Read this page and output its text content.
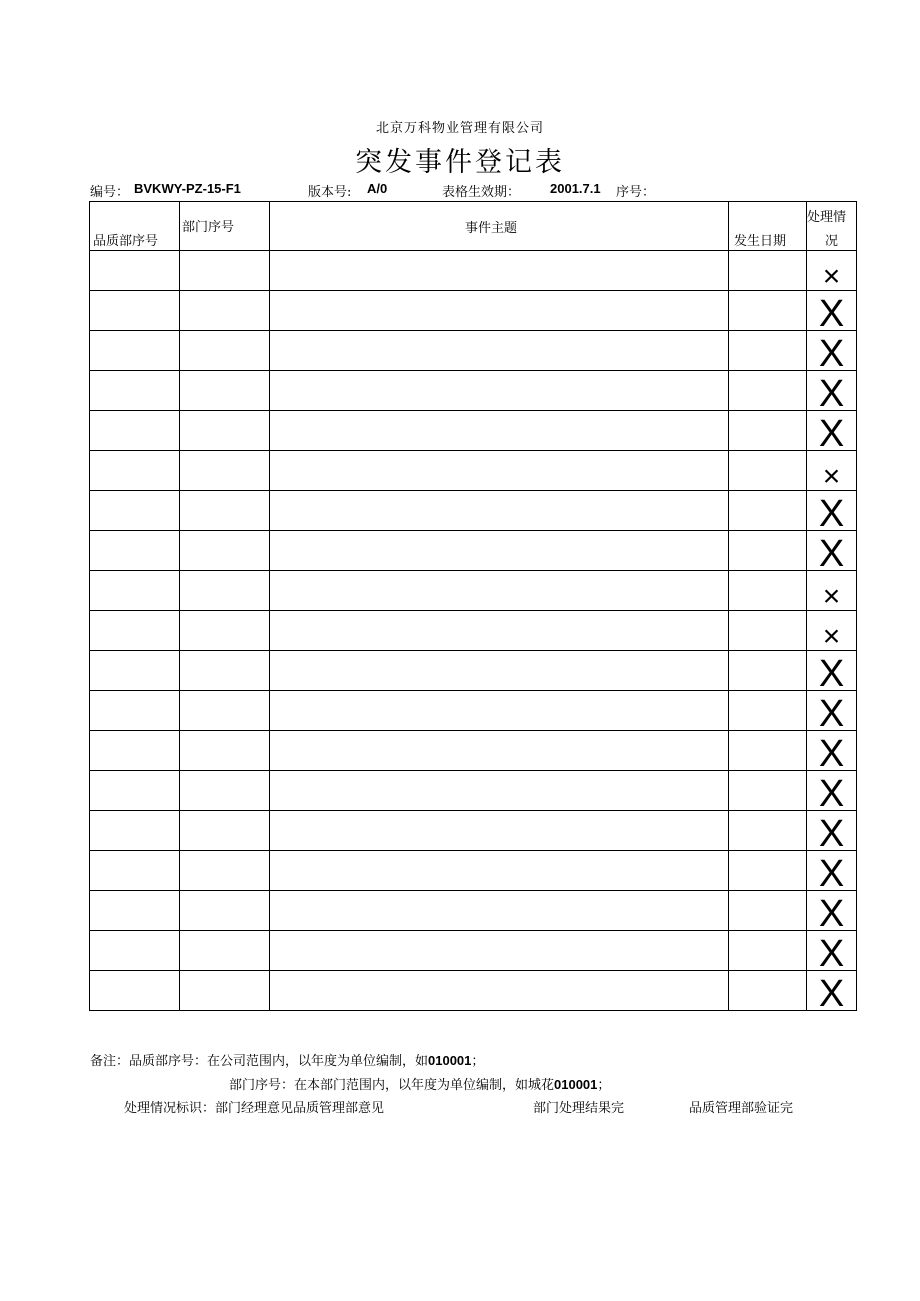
北京万科物业管理有限公司
突发事件登记表
编号： BVKWY-PZ-15-F1	版本号: A/0	表格生效期： 2001.7.1 序号：
品质部序号	部门序号	事件主题	发生日期	处理情
况

				×

				X

				X

				X

				X

				×

				X

				X

				×

				×

				X

				X

				X

				X

				X

				X

				X

				X

				X
备注：品质部序号：在公司范围内，以年度为单位编制，如010001；
部门序号：在本部门范围内，以年度为单位编制，如城花010001；
处理情况标识：部门经理意见品质管理部意见	部门处理结果完	品质管理部验证完
